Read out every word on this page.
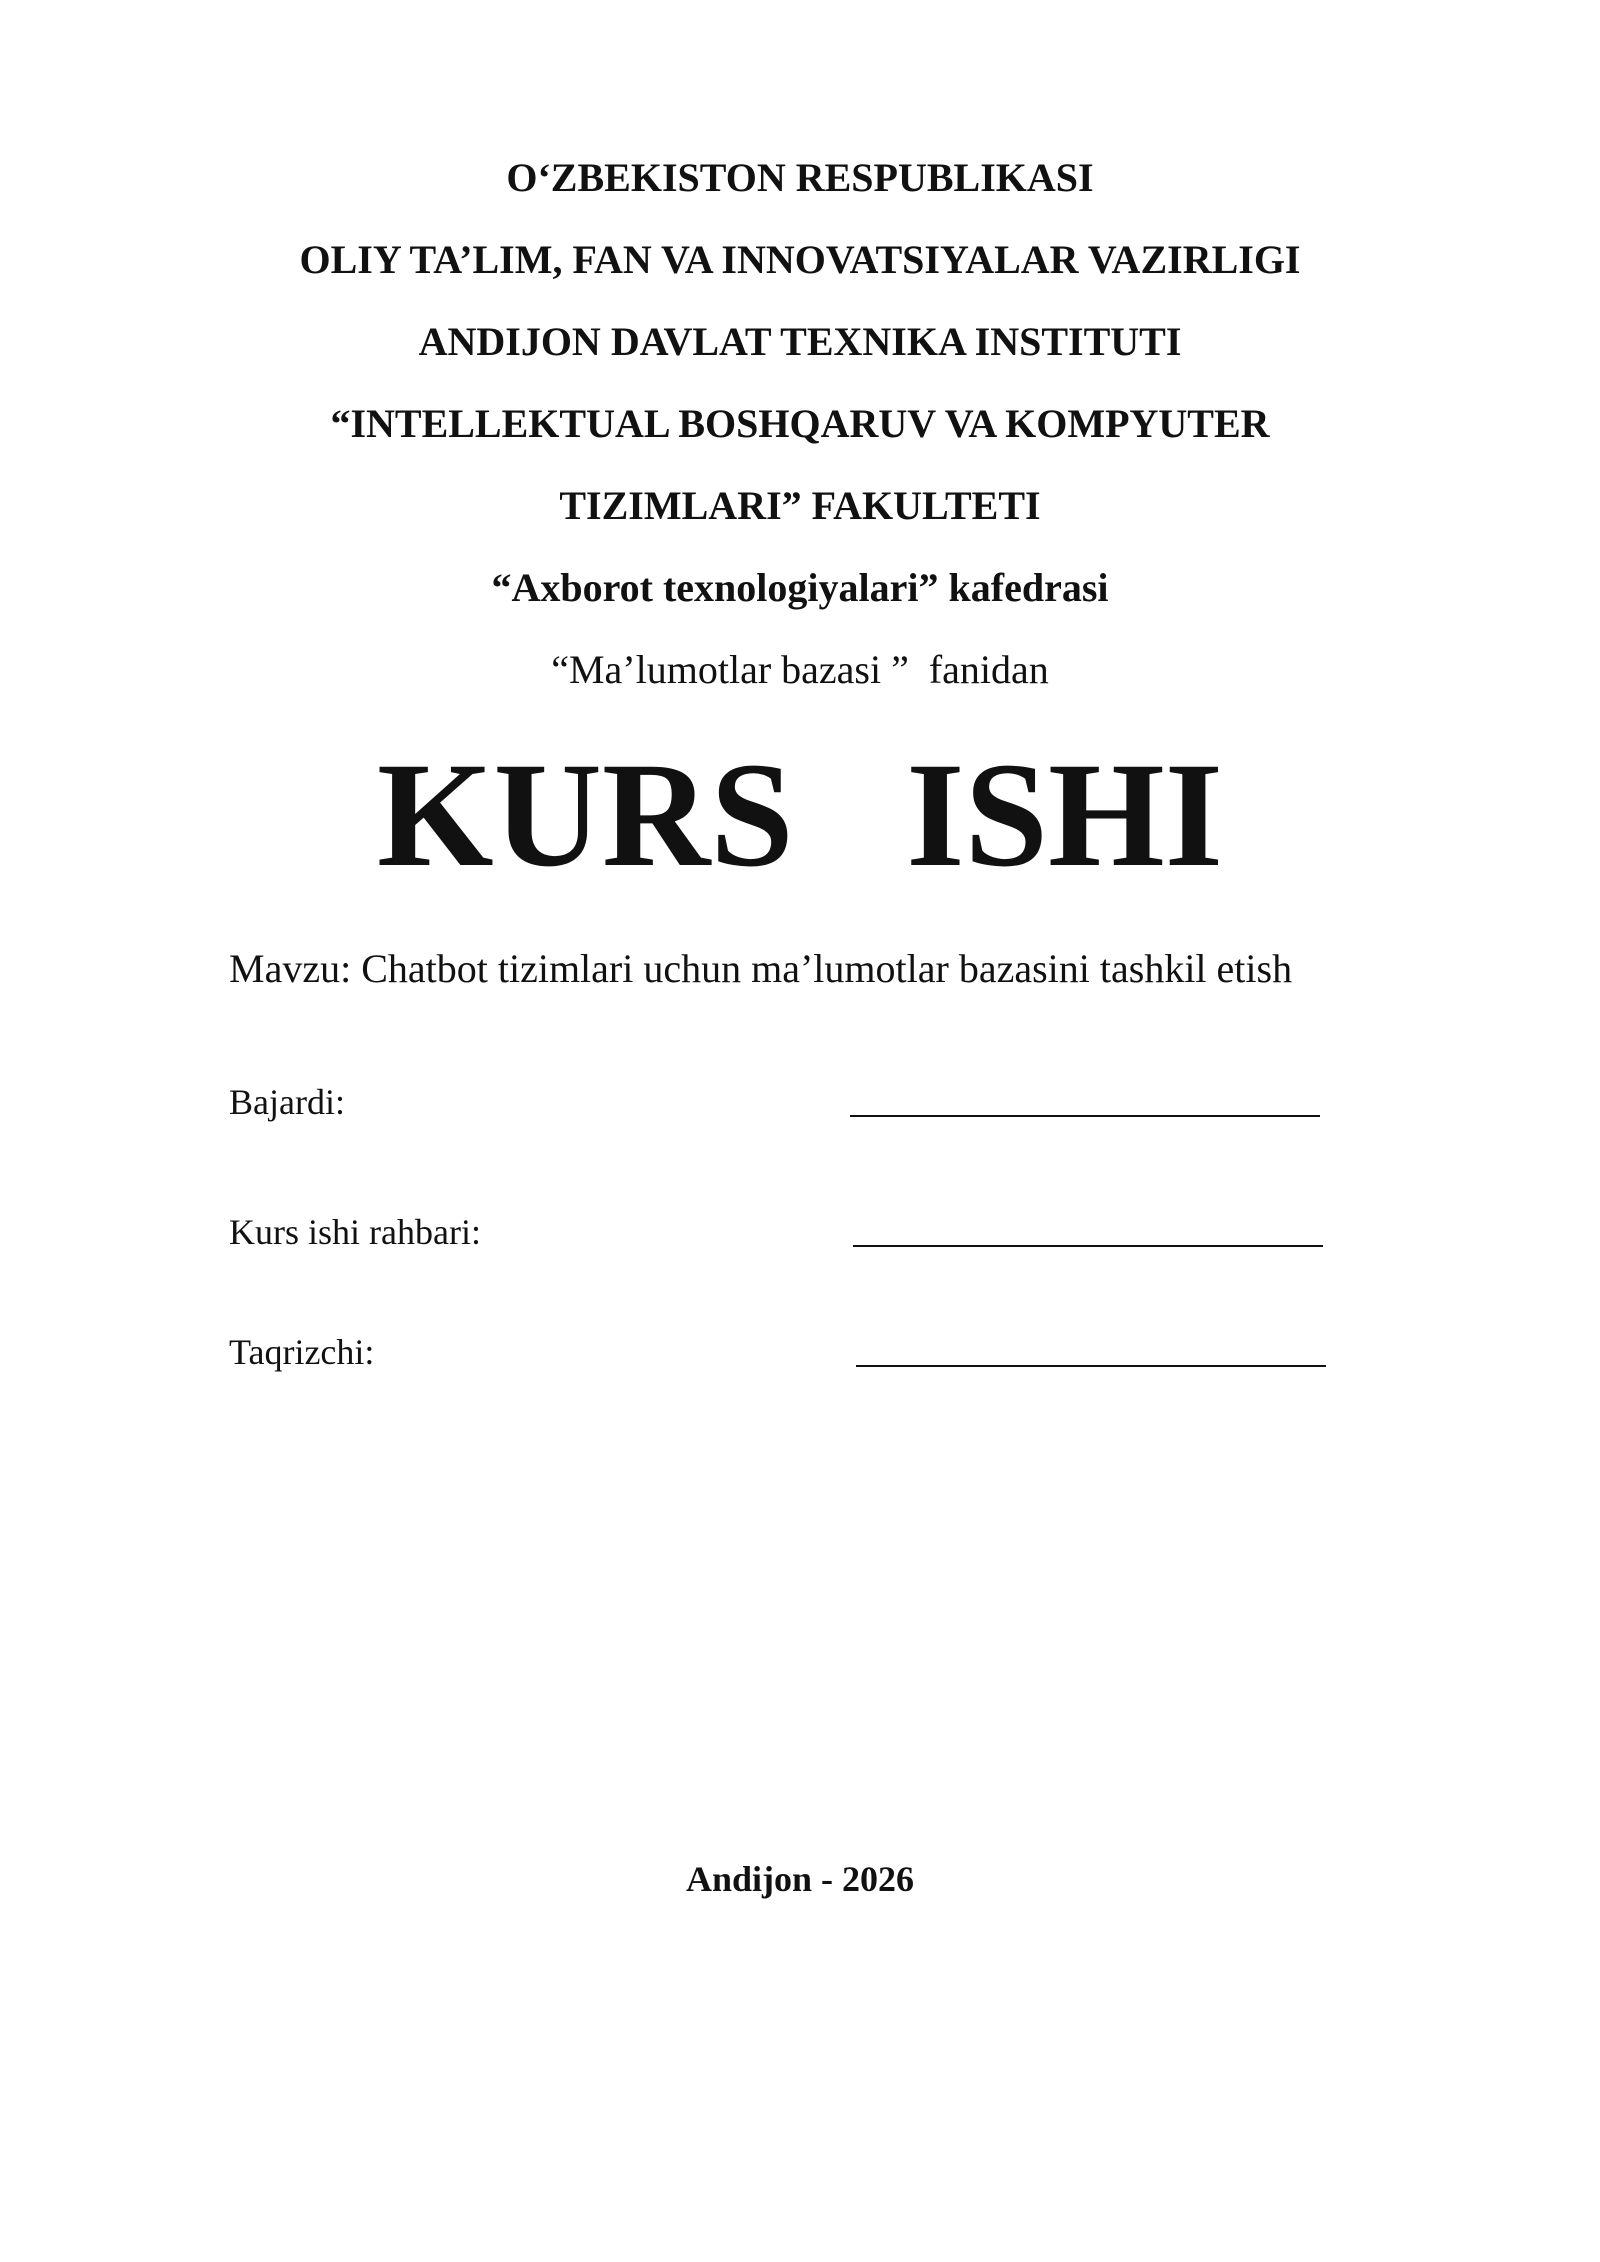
O‘ZBEKISTON RESPUBLIKASI
OLIY TA’LIM, FAN VA INNOVATSIYALAR VAZIRLIGI
ANDIJON DAVLAT TEXNIKA INSTITUTI
“INTELLEKTUAL BOSHQARUV VA KOMPYUTER
TIZIMLARI” FAKULTETI
“Axborot texnologiyalari” kafedrasi
“Ma’lumotlar bazasi ”  fanidan
KURS   ISHI
Mavzu: Chatbot tizimlari uchun ma’lumotlar bazasini tashkil etish
Bajardi:
Kurs ishi rahbari:
Taqrizchi:
Andijon - 2026
